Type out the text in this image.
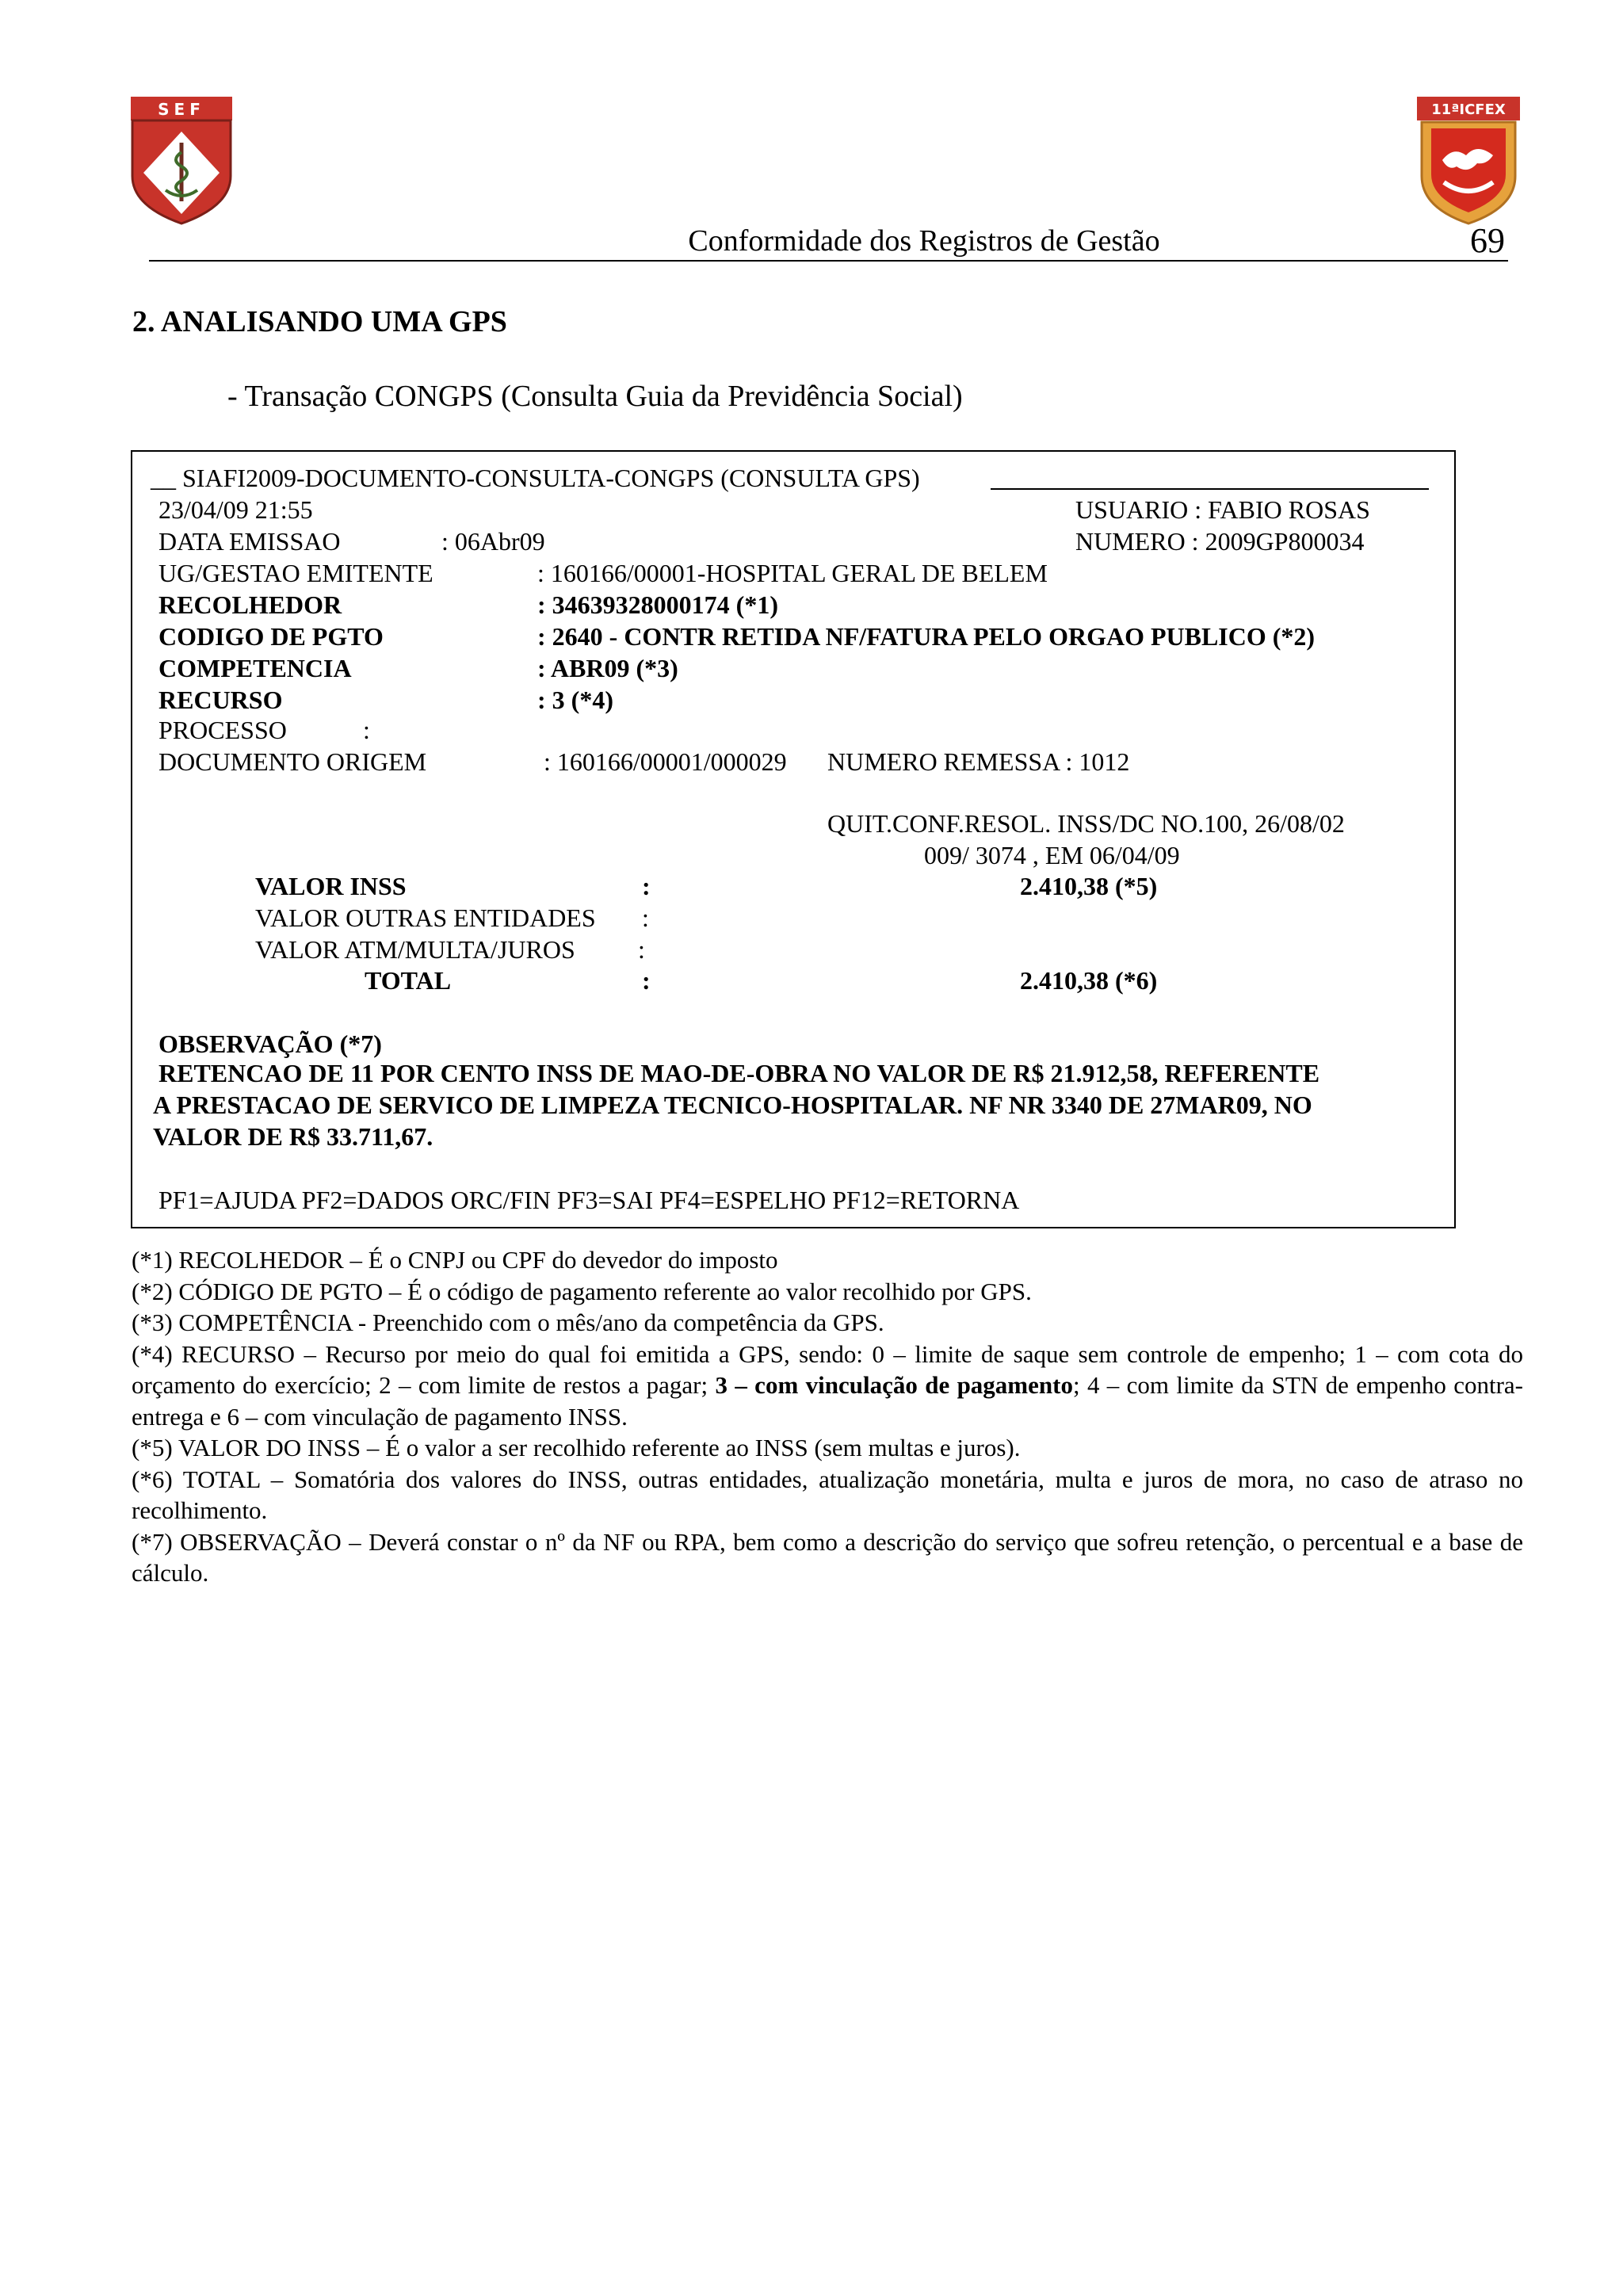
SEF	11ªICFEX
Conformidade dos Registros de Gestão	69
2. ANALISANDO UMA GPS
- Transação CONGPS (Consulta Guia da Previdência Social)
__ SIAFI2009-DOCUMENTO-CONSULTA-CONGPS (CONSULTA GPS)
23/04/09 21:55	USUARIO : FABIO ROSAS
DATA EMISSAO	: 06Abr09	NUMERO : 2009GP800034
UG/GESTAO EMITENTE	: 160166/00001-HOSPITAL GERAL DE BELEM
RECOLHEDOR	: 34639328000174 (*1)
CODIGO DE PGTO	: 2640 - CONTR RETIDA NF/FATURA PELO ORGAO PUBLICO (*2)
COMPETENCIA	: ABR09 (*3)
RECURSO	: 3 (*4)
PROCESSO	:
DOCUMENTO ORIGEM	: 160166/00001/000029 NUMERO REMESSA : 1012
QUIT.CONF.RESOL. INSS/DC NO.100, 26/08/02
009/ 3074 , EM 06/04/09
VALOR INSS	:	2.410,38 (*5)
VALOR OUTRAS ENTIDADES :
VALOR ATM/MULTA/JUROS :
TOTAL	:	2.410,38 (*6)
OBSERVAÇÃO (*7)

RETENCAO DE 11 POR CENTO INSS DE MAO-DE-OBRA NO VALOR DE R$ 21.912,58, REFERENTE

A PRESTACAO DE SERVICO DE LIMPEZA TECNICO-HOSPITALAR. NF NR 3340 DE 27MAR09, NO

VALOR DE R$ 33.711,67.

PF1=AJUDA PF2=DADOS ORC/FIN PF3=SAI PF4=ESPELHO PF12=RETORNA

(*1) RECOLHEDOR – É o CNPJ ou CPF do devedor do imposto

(*2) CÓDIGO DE PGTO – É o código de pagamento referente ao valor recolhido por GPS.

(*3) COMPETÊNCIA - Preenchido com o mês/ano da competência da GPS.

(*4) RECURSO – Recurso por meio do qual foi emitida a GPS, sendo: 0 – limite de saque sem controle de empenho; 1 – com cota do orçamento do exercício; 2 – com limite de restos a pagar; 3 – com vinculação de pagamento; 4 – com limite da STN de empenho contra-entrega e 6 – com vinculação de pagamento INSS.

(*5) VALOR DO INSS – É o valor a ser recolhido referente ao INSS (sem multas e juros).

(*6) TOTAL – Somatória dos valores do INSS, outras entidades, atualização monetária, multa e juros de mora, no caso de atraso no recolhimento.

(*7) OBSERVAÇÃO – Deverá constar o nº da NF ou RPA, bem como a descrição do serviço que sofreu retenção, o percentual e a base de cálculo.
